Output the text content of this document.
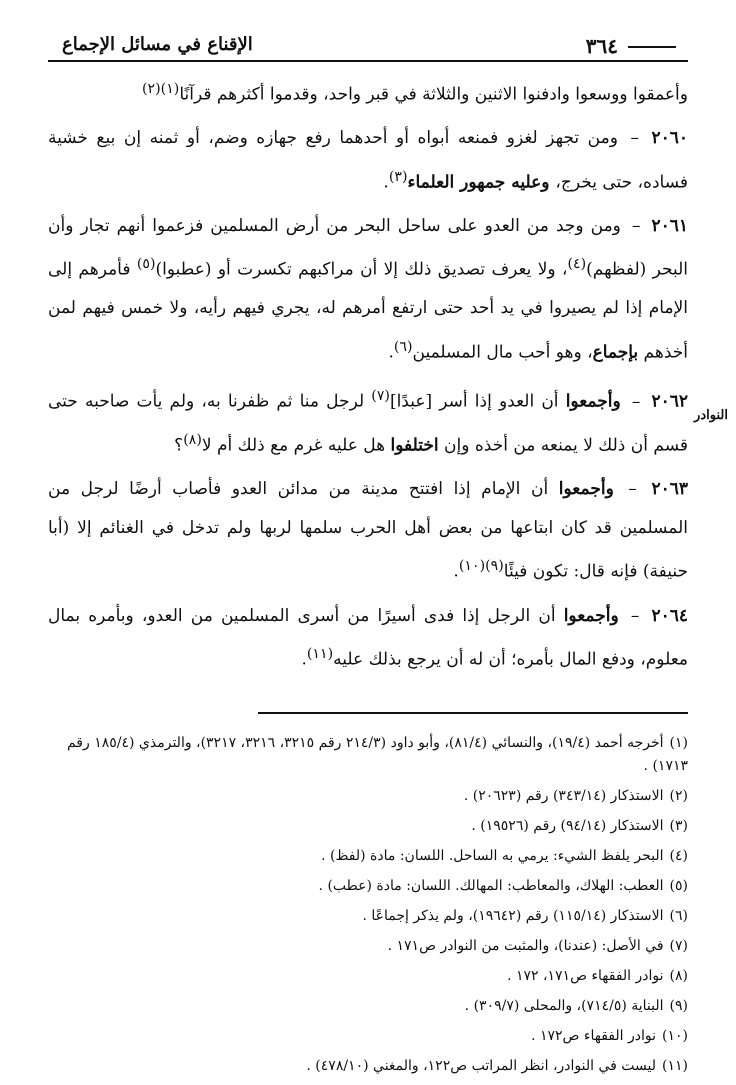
٣٦٤
الإقناع في مسائل الإجماع
النوادر

وأعمقوا ووسعوا وادفنوا الاثنين والثلاثة في قبر واحد، وقدموا أكثرهم قرآنًا$^{(١)(٢)}$

٢٠٦٠ – ومن تجهز لغزو فمنعه أبواه أو أحدهما رفع جهازه وضم، أو ثمنه إن بيع خشية فساده، حتى يخرج، وعليه جمهور العلماء$^{(٣)}$.

٢٠٦١ – ومن وجد من العدو على ساحل البحر من أرض المسلمين فزعموا أنهم تجار وأن البحر (لفظهم)$^{(٤)}$، ولا يعرف تصديق ذلك إلا أن مراكبهم تكسرت أو (عطبوا)$^{(٥)}$ فأمرهم إلى الإمام إذا لم يصيروا في يد أحد حتى ارتفع أمرهم له، يجري فيهم رأيه، ولا خمس فيهم لمن أخذهم بإجماع، وهو أحب مال المسلمين$^{(٦)}$.

٢٠٦٢ – وأجمعوا أن العدو إذا أسر [عبدًا]$^{(٧)}$ لرجل منا ثم ظفرنا به، ولم يأت صاحبه حتى قسم أن ذلك لا يمنعه من أخذه وإن اختلفوا هل عليه غرم مع ذلك أم لا$^{(٨)}$؟

٢٠٦٣ – وأجمعوا أن الإمام إذا افتتح مدينة من مدائن العدو فأصاب أرضًا لرجل من المسلمين قد كان ابتاعها من بعض أهل الحرب سلمها لربها ولم تدخل في الغنائم إلا (أبا حنيفة) فإنه قال: تكون فيئًا$^{(٩)(١٠)}$.

٢٠٦٤ – وأجمعوا أن الرجل إذا فدى أسيرًا من أسرى المسلمين من العدو، وبأمره بمال معلوم، ودفع المال بأمره؛ أن له أن يرجع بذلك عليه$^{(١١)}$.

(١)أخرجه أحمد (١٩/٤)، والنسائي (٨١/٤)، وأبو داود (٢١٤/٣ رقم ٣٢١٥، ٣٢١٦، ٣٢١٧)، والترمذي (١٨٥/٤ رقم ١٧١٣) .

(٢)الاستذكار (٣٤٣/١٤) رقم (٢٠٦٢٣) .

(٣)الاستذكار (٩٤/١٤) رقم (١٩٥٢٦) .

(٤)البحر يلفظ الشيء: يرمي به الساحل. اللسان: مادة (لفظ) .

(٥)العطب: الهلاك، والمعاطب: المهالك. اللسان: مادة (عطب) .

(٦)الاستذكار (١١٥/١٤) رقم (١٩٦٤٢)، ولم يذكر إجماعًا .

(٧)في الأصل: (عندنا)، والمثبت من النوادر ص١٧١ .

(٨)نوادر الفقهاء ص١٧١، ١٧٢ .

(٩)البناية (٧١٤/٥)، والمحلى (٣٠٩/٧) .

(١٠)نوادر الفقهاء ص١٧٢ .

(١١)ليست في النوادر، انظر المراتب ص١٢٢، والمغني (٤٧٨/١٠) .
